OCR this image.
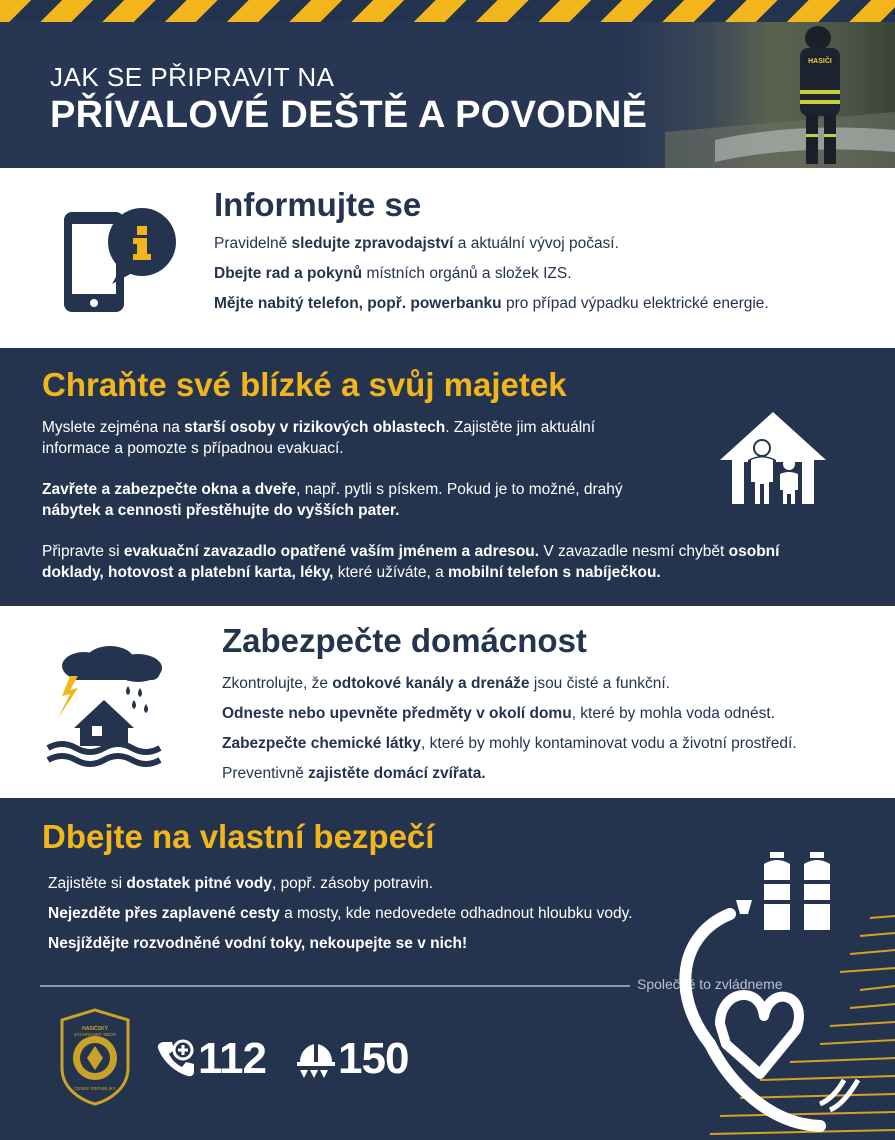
HASIČI
JAK SE PŘIPRAVIT NA
PŘÍVALOVÉ DEŠTĚ A POVODNĚ
Informujte se
Pravidelně sledujte zpravodajství a aktuální vývoj počasí.
Dbejte rad a pokynů místních orgánů a složek IZS.
Mějte nabitý telefon, popř. powerbanku pro případ výpadku elektrické energie.
Chraňte své blízké a svůj majetek
Myslete zejména na starší osoby v rizikových oblastech. Zajistěte jim aktuální informace a pomozte s případnou evakuací.
Zavřete a zabezpečte okna a dveře, např. pytli s pískem. Pokud je to možné, drahý nábytek a cennosti přestěhujte do vyšších pater.
Připravte si evakuační zavazadlo opatřené vaším jménem a adresou. V zavazadle nesmí chybět osobní doklady, hotovost a platební karta, léky, které užíváte, a mobilní telefon s nabíječkou.
Zabezpečte domácnost
Zkontrolujte, že odtokové kanály a drenáže jsou čisté a funkční.
Odneste nebo upevněte předměty v okolí domu, které by mohla voda odnést.
Zabezpečte chemické látky, které by mohly kontaminovat vodu a životní prostředí.
Preventivně zajistěte domácí zvířata.
Dbejte na vlastní bezpečí
Zajistěte si dostatek pitné vody, popř. zásoby potravin.
Nejezděte přes zaplavené cesty a mosty, kde nedovedete odhadnout hloubku vody.
Nesjíždějte rozvodněné vodní toky, nekoupejte se v nich!
Společně to zvládneme
HASIČSKÝ
ZÁCHRANNÝ SBOR
ČESKÉ REPUBLIKY
112 150
